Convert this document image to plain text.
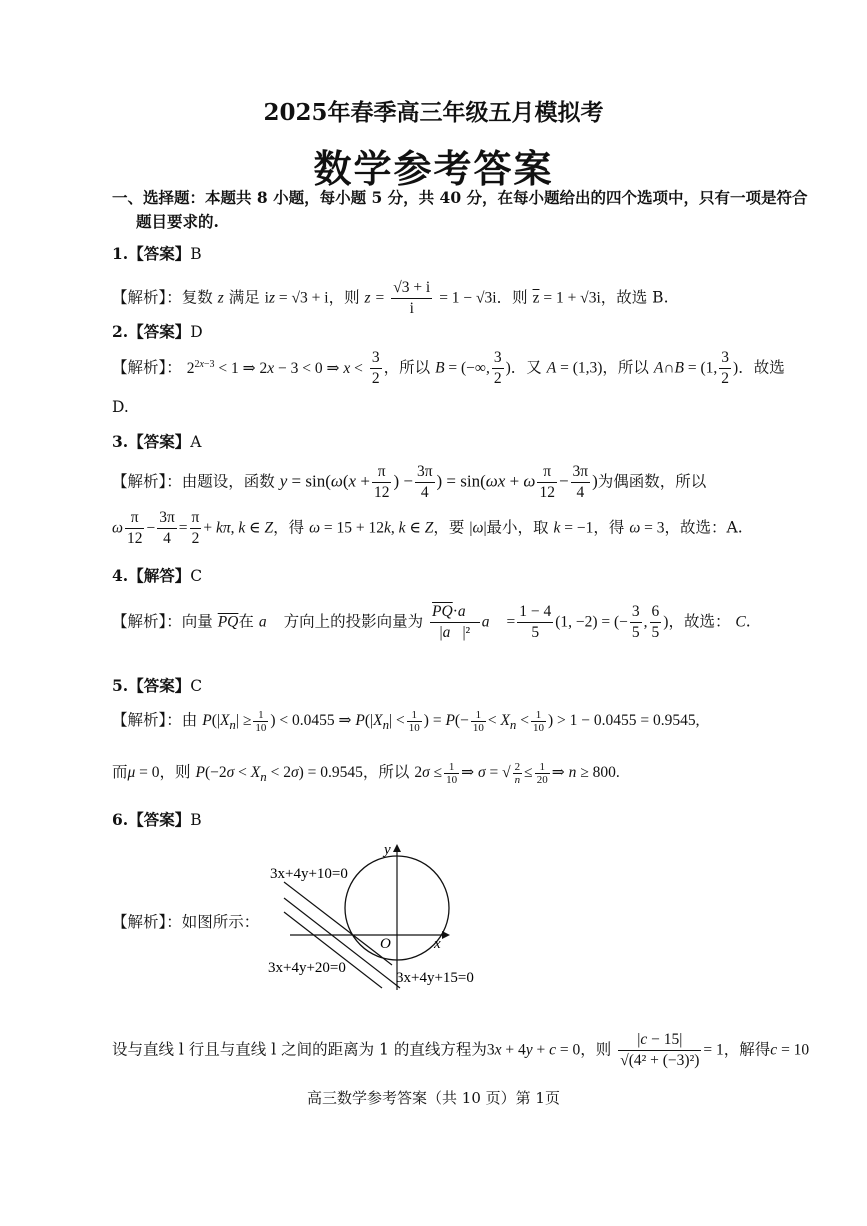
2025年春季高三年级五月模拟考
数学参考答案
一、选择题：本题共 8 小题，每小题 5 分，共 40 分，在每小题给出的四个选项中，只有一项是符合
题目要求的.
1.【答案】B
【解析】：复数 z 满足 iz = √3 + i，则 $z = \frac{√3 + i}{i} = 1 - √3i$．则 $\overline{z} = 1 + √3i$，故选 B.
2.【答案】D
【解析】： $2^{2x-3} < 1$ ⇒ 2x − 3 < 0 ⇒ $x < \frac{3}{2}$ ，所以 B = (−∞, $\frac{3}{2}$ )．又 A = (1,3)，所以 A∩B = (1, $\frac{3}{2}$ )．故选
D.
3.【答案】A
【解析】：由题设，函数 $y = \sin(\omega(x + \frac{\pi}{12}$ ) − $\frac{3\pi}{4}$ ) = sin(ωx + ω $\frac{\pi}{12} - \frac{3\pi}{4}$ )为偶函数，所以
ω $\frac{\pi}{12} - \frac{3\pi}{4} = \frac{\pi}{2} + k\pi$, k ∈ Z，得 ω = 15 + 12k, k ∈ Z，要 |ω|最小，取 k = −1，得 ω = 3，故选：A.
4.【解答】C
【解析】：向量 $\overline{PQ}$在 a⃗ 方向上的投影向量为 $\frac{\overline{PQ}\cdot a⃗}{\text{|a⃗|²}}$ a⃗ = $\frac{1 - 4}{5} (1$, −2) = (− $\frac{3}{5}$ , $\frac{6}{5}$ )，故选： C.
5.【答案】C
【解析】：由 $P(|X_n| \ge \frac{1}{10}$ ) < 0.0455 ⇒ $P(|X_n| < \frac{1}{10}$ ) = $P(- \frac{1}{10} < X_n < \frac{1}{10}$ ) > 1 − 0.0455 = 0.9545,
而μ = 0，则 $P(-2\sigma < X_n < 2\sigma) = 0.9545$，所以 $2\sigma \le \frac{1}{10}$ ⇒ σ = √ $\frac{2}{n} \le \frac{1}{20}$ ⇒ n ≥ 800.
6.【答案】B
【解析】：如图所示：
3x+4y+10=0
3x+4y+20=0
3x+4y+15=0
y
x
O
设与直线 l 行且与直线 l 之间的距离为 1 的直线方程为3x + 4y + c = 0，则 $\frac{|c - 15|}{\text{√(4² + (−3)²)}} = 1$，解得c = 10
高三数学参考答案（共 10 页）第 1页
